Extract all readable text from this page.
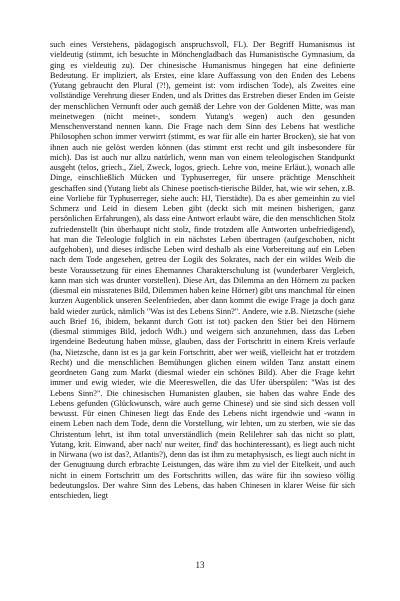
such eines Verstehens, pädagogisch anspruchsvoll, FL). Der Begriff Humanismus ist vieldeutig (stimmt, ich besuchte in Mönchengladbach das Humanistische Gymnasium, da ging es vieldeutig zu). Der chinesische Humanismus hingegen hat eine definierte Bedeutung. Er impliziert, als Erstes, eine klare Auffassung von den Enden des Lebens (Yutang gebraucht den Plural (?!), gemeint ist: vom irdischen Tode), als Zweites eine vollständige Verehrung dieser Enden, und als Drittes das Erstreben dieser Enden im Geiste der menschlichen Vernunft oder auch gemäß der Lehre von der Goldenen Mitte, was man meinetwegen (nicht meinet-, sondern Yutang's wegen) auch den gesunden Menschenverstand nennen kann. Die Frage nach dem Sinn des Lebens hat westliche Philosophen schon immer verwirrt (stimmt, es war für alle ein harter Brocken), sie hat von ihnen auch nie gelöst werden können (das stimmt erst recht und gilt insbesondere für mich). Das ist auch nur allzu natürlich, wenn man von einem teleologischen Standpunkt ausgeht (telos, griech., Ziel, Zweck, logos, griech. Lehre von, meine Erläut.), wonach alle Dinge, einschließlich Mücken und Typhuserreger, für unsere prächtige Menschheit geschaffen sind (Yutang liebt als Chinese poetisch-tierische Bilder, hat, wie wir sehen, z.B. eine Vorliebe für Typhuserreger, siehe auch: HJ, Tierstädte). Da es aber gemeinhin zu viel Schmerz und Leid in diesem Leben gibt (deckt sich mit meinen bisherigen, ganz persönlichen Erfahrungen), als dass eine Antwort erlaubt wäre, die den menschlichen Stolz zufriedenstellt (bin überhaupt nicht stolz, finde trotzdem alle Antworten unbefriedigend), hat man die Teleologie folglich in ein nächstes Leben übertragen (aufgeschoben, nicht aufgehoben), und dieses irdische Leben wird deshalb als eine Vorbereitung auf ein Leben nach dem Tode angesehen, getreu der Logik des Sokrates, nach der ein wildes Weib die beste Voraussetzung für eines Ehemannes Charakterschulung ist (wunderbarer Vergleich, kann man sich was drunter vorstellen). Diese Art, das Dilemma an den Hörnern zu packen (diesmal ein missratenes Bild, Dilemmen haben keine Hörner) gibt uns manchmal für einen kurzen Augenblick unseren Seelenfrieden, aber dann kommt die ewige Frage ja doch ganz bald wieder zurück, nämlich "Was ist des Lebens Sinn?". Andere, wie z.B. Nietzsche (siehe auch Brief 16, ibidem, bekannt durch Gott ist tot) packen den Stier bei den Hörnern (diesmal stimmiges Bild, jedoch Wdh.) und weigern sich anzunehmen, dass das Leben irgendeine Bedeutung haben müsse, glauben, dass der Fortschritt in einem Kreis verlaufe (ha, Nietzsche, dann ist es ja gar kein Fortschritt, aber wer weiß, vielleicht hat er trotzdem Recht) und die menschlichen Bemühungen glichen einem wilden Tanz anstatt einem geordneten Gang zum Markt (diesmal wieder ein schönes Bild). Aber die Frage kehrt immer und ewig wieder, wie die Meereswellen, die das Ufer überspülen: "Was ist des Lebens Sinn?". Die chinesischen Humanisten glauben, sie haben das wahre Ende des Lebens gefunden (Glückwunsch, wäre auch gerne Chinese) und sie sind sich dessen voll bewusst. Für einen Chinesen liegt das Ende des Lebens nicht irgendwie und -wann in einem Leben nach dem Tode, denn die Vorstellung, wir lebten, um zu sterben, wie sie das Christentum lehrt, ist ihm total unverständlich (mein Relilehrer sah das nicht so platt, Yutang, krit. Einwand, aber nach' nur weiter, find' das hochinteressant), es liegt auch nicht in Nirwana (wo ist das?, Atlantis?), denn das ist ihm zu metaphysisch, es liegt auch nicht in der Genugtuung durch erbrachte Leistungen, das wäre ihm zu viel der Eitelkeit, und auch nicht in einem Fortschritt um des Fortschritts willen, das wäre für ihn sowieso völlig bedeutungslos. Der wahre Sinn des Lebens, das haben Chinesen in klarer Weise für sich entschieden, liegt

13
